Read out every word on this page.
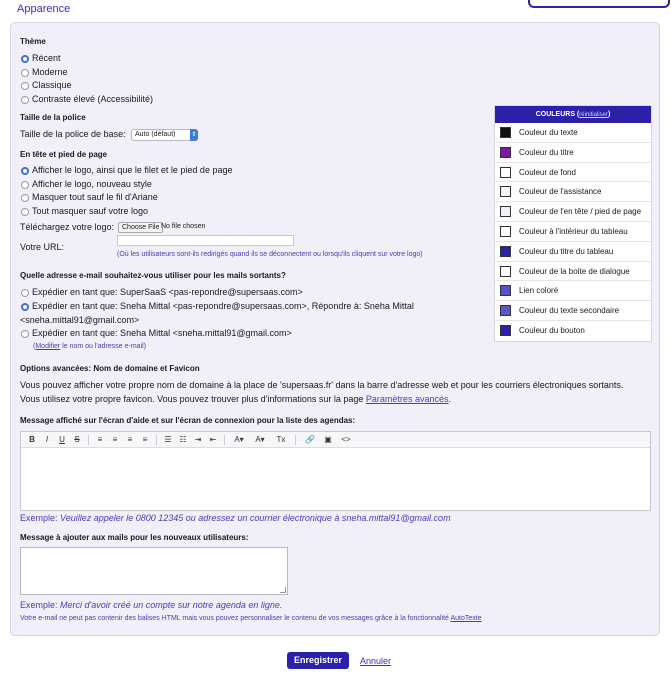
Apparence
Thème
Récent
Moderne
Classique
Contraste élevé (Accessibilité)
Taille de la police
Taille de la police de base:	Auto (défaut)	⇕
En tête et pied de page
Afficher le logo, ainsi que le filet et le pied de page
Afficher le logo, nouveau style
Masquer tout sauf le fil d'Ariane
Tout masquer sauf votre logo
Téléchargez votre logo:	Choose File No file chosen
Votre URL:
(Où les utilisateurs sont-ils redirigés quand ils se déconnectent ou lorsqu'ils cliquent sur votre logo)
Quelle adresse e-mail souhaitez-vous utiliser pour les mails sortants?
Expédier en tant que: SuperSaaS <pas-repondre@supersaas.com>
Expédier en tant que: Sneha Mittal <pas-repondre@supersaas.com>, Répondre à: Sneha Mittal
<sneha.mittal91@gmail.com>
Expédier en tant que: Sneha Mittal <sneha.mittal91@gmail.com>
(Modifier le nom ou l'adresse e-mail)
Options avancées: Nom de domaine et Favicon
Vous pouvez afficher votre propre nom de domaine à la place de 'supersaas.fr' dans la barre d'adresse web et pour les courriers électroniques sortants.
Vous utilisez votre propre favicon. Vous pouvez trouver plus d'informations sur la page Paramètres avancés.
Message affiché sur l'écran d'aide et sur l'écran de connexion pour la liste des agendas:
B	I	U	S	≡	≡	≡	≡	☰ ☷	⇥	⇤	A▾	A▾	Tx	🔗	▣	<>
Exemple: Veuillez appeler le 0800 12345 ou adressez un courrier électronique à sneha.mittal91@gmail.com
Message à ajouter aux mails pour les nouveaux utilisateurs:
Exemple: Merci d'avoir créé un compte sur notre agenda en ligne.
Votre e-mail ne peut pas contenir des balises HTML mais vous pouvez personnaliser le contenu de vos messages grâce à la fonctionnalité AutoTexte
COULEURS (réinitialiser)
Couleur du texte
Couleur du titre
Couleur de fond
Couleur de l'assistance
Couleur de l'en tête / pied de page
Couleur à l'intérieur du tableau
Couleur du titre du tableau
Couleur de la boite de dialogue
Lien coloré
Couleur du texte secondaire
Couleur du bouton
Enregistrer	Annuler
